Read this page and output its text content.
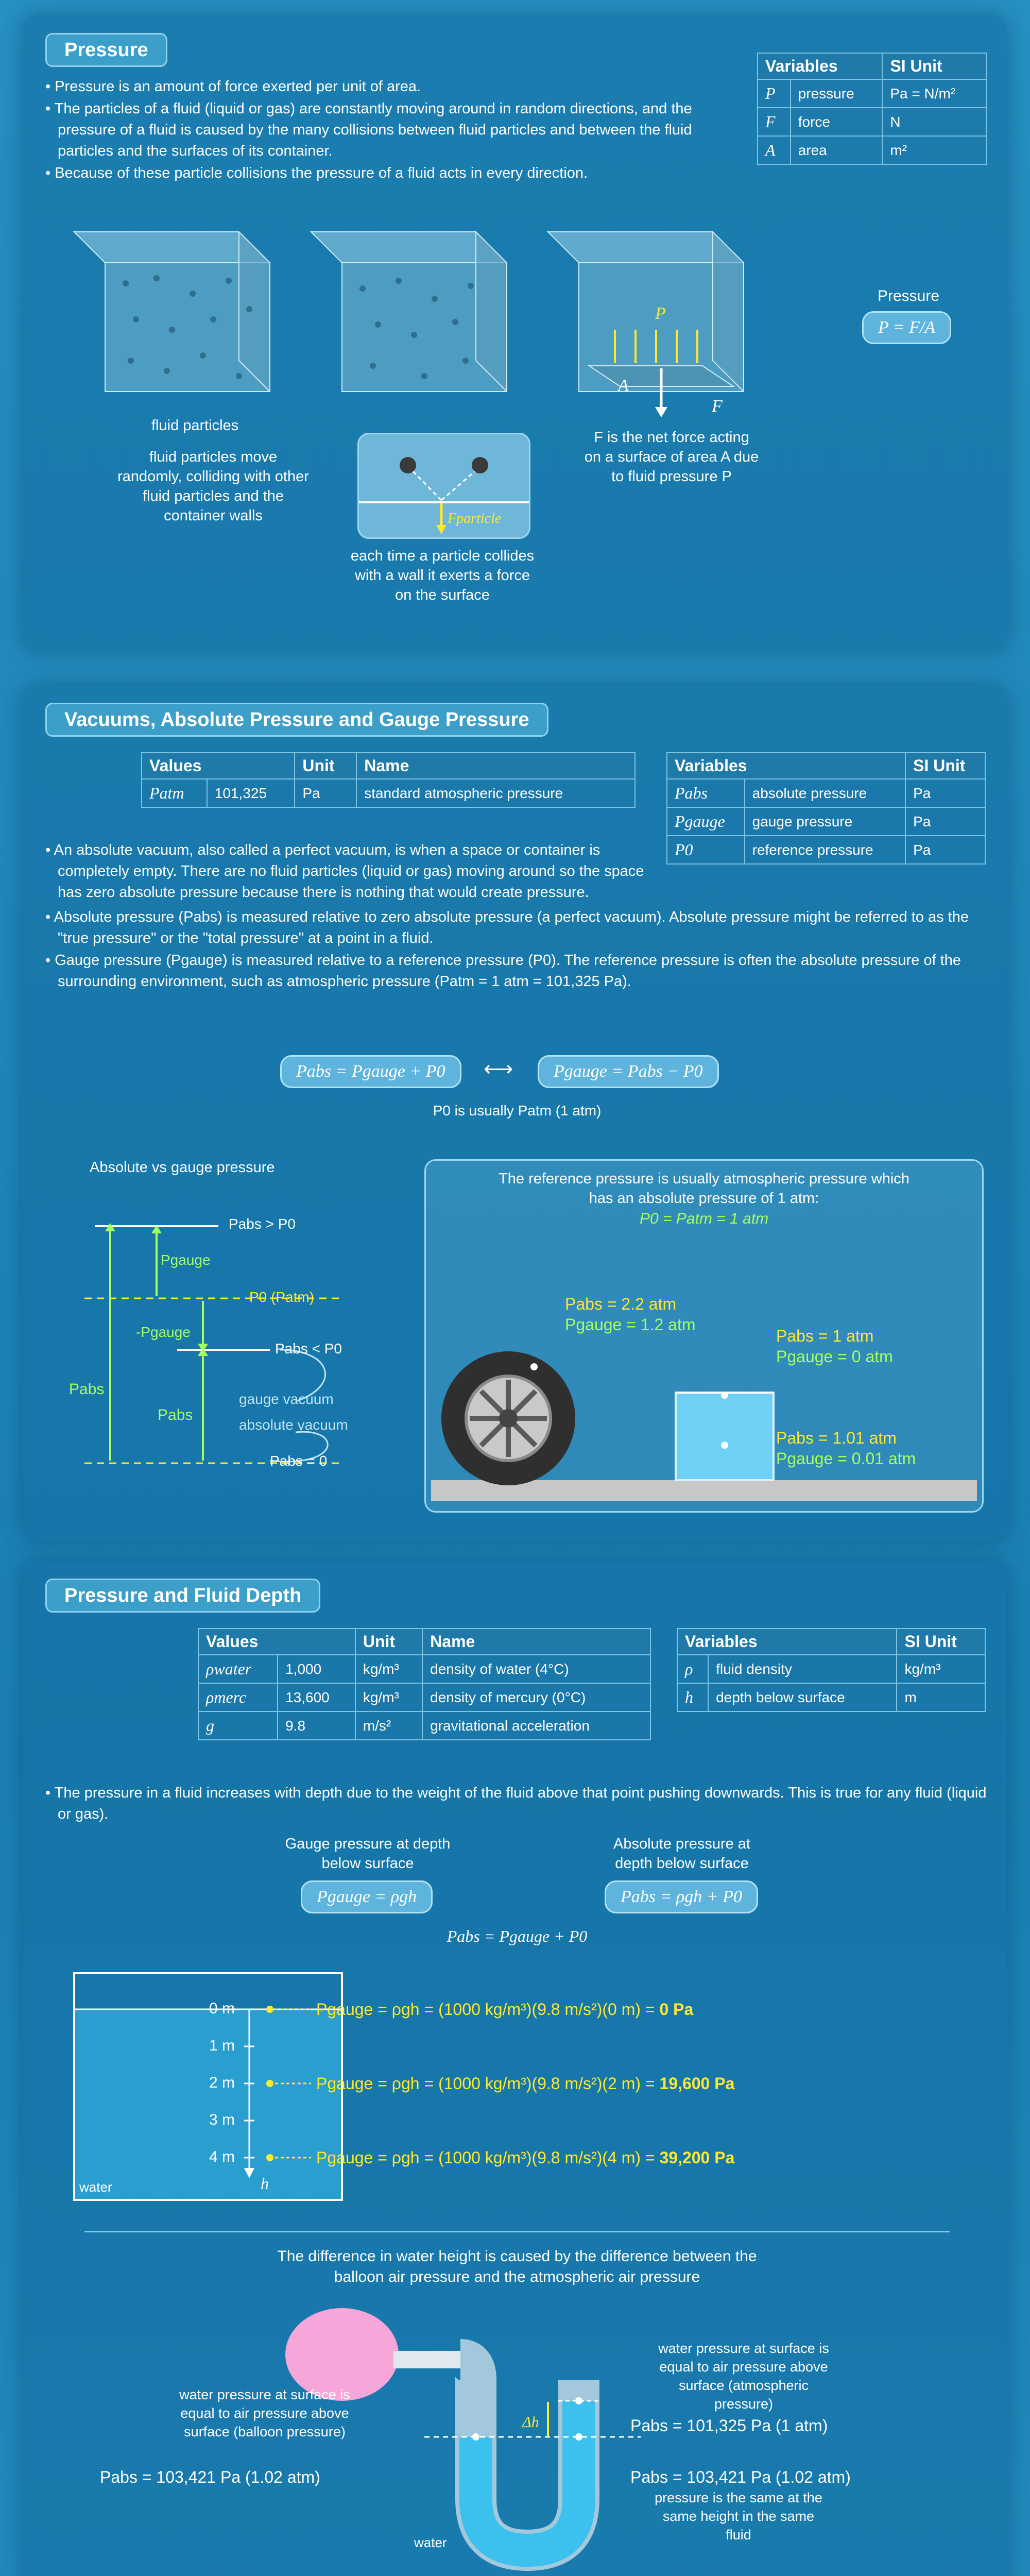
Pressure

• Pressure is an amount of force exerted per unit of area.

• The particles of a fluid (liquid or gas) are constantly moving around in random directions, and the pressure of a fluid is caused by the many collisions between fluid particles and between the fluid particles and the surfaces of its container.

• Because of these particle collisions the pressure of a fluid acts in every direction.

Variables		SI Unit
P	pressure	Pa = N/m²
F	force	N
A	area	m²
P
A
F
fluid particles
fluid particles move randomly, colliding with other fluid particles and the container walls	Fparticle
each time a particle collides with a wall it exerts a force on the surface
F is the net force acting on a surface of area A due to fluid pressure P
Pressure
P = F/A
Vacuums, Absolute Pressure and Gauge Pressure
Values		Unit	Name
Patm	101,325	Pa	standard atmospheric pressure
Variables		SI Unit
Pabs	absolute pressure	Pa
Pgauge	gauge pressure	Pa
P0	reference pressure	Pa

• An absolute vacuum, also called a perfect vacuum, is when a space or container is completely empty. There are no fluid particles (liquid or gas) moving around so the space has zero absolute pressure because there is nothing that would create pressure.

• Absolute pressure (Pabs) is measured relative to zero absolute pressure (a perfect vacuum). Absolute pressure might be referred to as the "true pressure" or the "total pressure" at a point in a fluid.

• Gauge pressure (Pgauge) is measured relative to a reference pressure (P0). The reference pressure is often the absolute pressure of the surrounding environment, such as atmospheric pressure (Patm = 1 atm = 101,325 Pa).

Pabs = Pgauge + P0	⟷	Pgauge = Pabs − P0
P0 is usually Patm (1 atm)
Absolute vs gauge pressure
Pabs > P0
Pgauge
P0 (Patm)
-Pgauge
Pabs < P0
Pabs
Pabs
gauge vacuum
absolute vacuum
Pabs = 0
The reference pressure is usually atmospheric pressure which has an absolute pressure of 1 atm:
P0 = Patm = 1 atm
Pabs = 2.2 atm
Pgauge = 1.2 atm
Pabs = 1 atm
Pgauge = 0 atm
Pabs = 1.01 atm
Pgauge = 0.01 atm
Pressure and Fluid Depth
Values		Unit	Name
ρwater	1,000	kg/m³	density of water (4°C)
ρmerc	13,600	kg/m³	density of mercury (0°C)
g	9.8	m/s²	gravitational acceleration
Variables		SI Unit
ρ	fluid density	kg/m³
h	depth below surface	m

• The pressure in a fluid increases with depth due to the weight of the fluid above that point pushing downwards. This is true for any fluid (liquid or gas).

Gauge pressure at depth below surface
Absolute pressure at depth below surface
Pgauge = ρgh	Pabs = ρgh + P0
Pabs = Pgauge + P0
0 m
1 m
2 m
3 m
4 m
h
water
Pgauge = ρgh = (1000 kg/m³)(9.8 m/s²)(0 m) = 0 Pa
Pgauge = ρgh = (1000 kg/m³)(9.8 m/s²)(2 m) = 19,600 Pa
Pgauge = ρgh = (1000 kg/m³)(9.8 m/s²)(4 m) = 39,200 Pa
The difference in water height is caused by the difference between the balloon air pressure and the atmospheric air pressure
water pressure at surface is equal to air pressure above surface (balloon pressure)
water pressure at surface is equal to air pressure above surface (atmospheric pressure)
Pabs = 101,325 Pa (1 atm)
Pabs = 103,421 Pa (1.02 atm)	Pabs = 103,421 Pa (1.02 atm)
pressure is the same at the same height in the same fluid
Δh
water
